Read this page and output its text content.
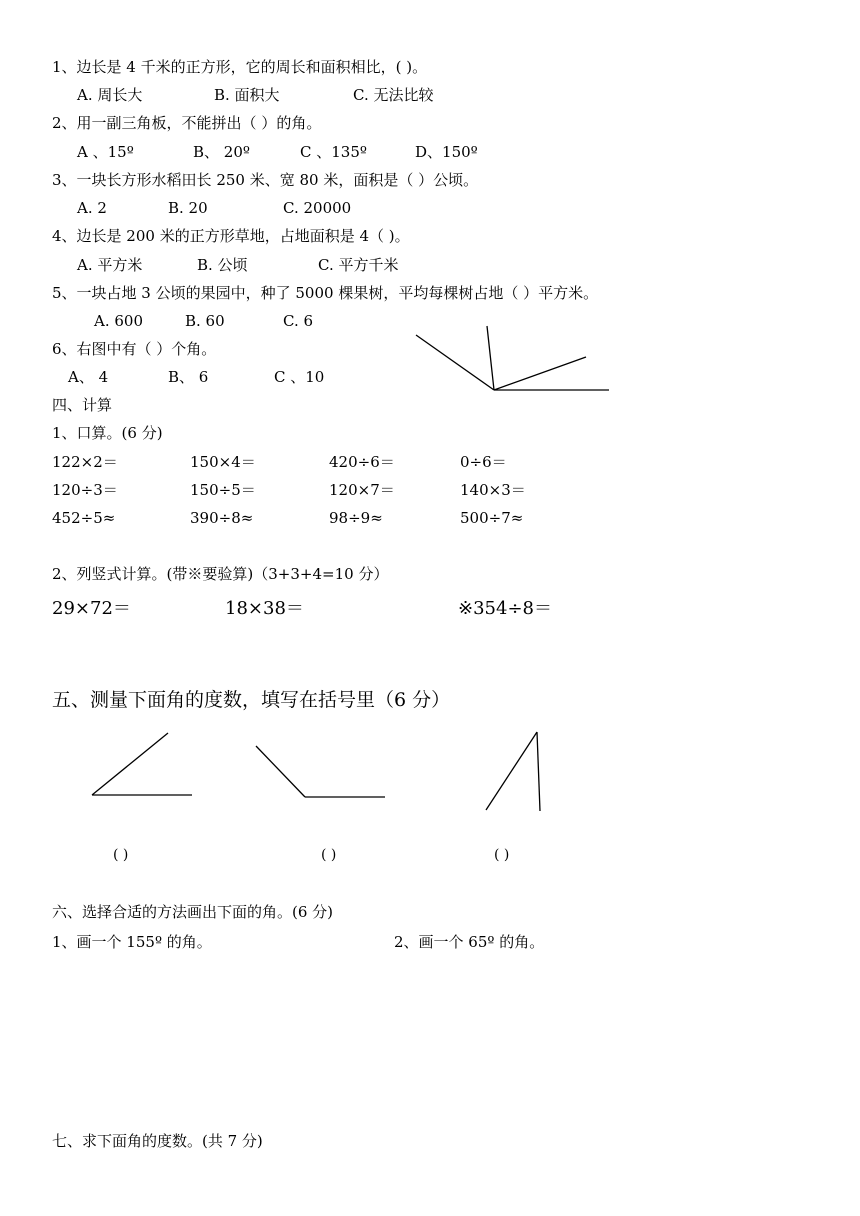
1、边长是 4 千米的正方形，它的周长和面积相比，( )。
A. 周长大	B. 面积大	C. 无法比较
2、用一副三角板，不能拼出（ ）的角。
A 、15º	B、 20º	C 、135º	D、150º
3、一块长方形水稻田长 250 米、宽 80 米，面积是（ ）公顷。
A. 2	B. 20	C. 20000
4、边长是 200 米的正方形草地，占地面积是 4（ )。
A. 平方米	B. 公顷	C. 平方千米
5、一块占地 3 公顷的果园中，种了 5000 棵果树，平均每棵树占地（ ）平方米。
A. 600	B. 60	C. 6
6、右图中有（ ）个角。
A、 4	B、 6	C 、10
四、计算
1、口算。(6 分)
122×2＝	150×4＝	420÷6＝	0÷6＝
120÷3＝	150÷5＝	120×7＝	140×3＝
452÷5≈	390÷8≈	98÷9≈	500÷7≈
2、列竖式计算。(带※要验算)（3+3+4=10 分）
29×72＝	18×38＝	※354÷8＝
五、测量下面角的度数，填写在括号里（6 分）
( )	( )	( )
六、选择合适的方法画出下面的角。(6 分)
1、画一个 155º 的角。	2、画一个 65º 的角。
七、求下面角的度数。(共 7 分)
